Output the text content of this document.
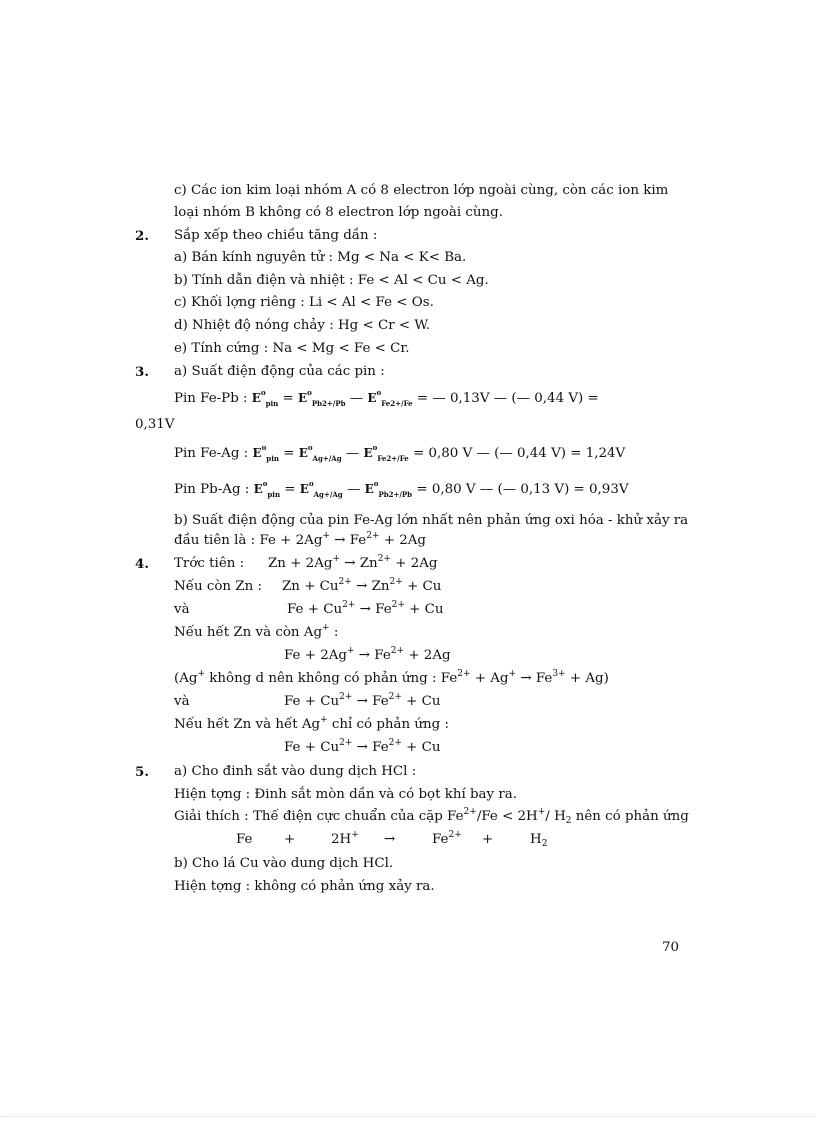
c) Các ion kim loại nhóm A có 8 electron lớp ngoài cùng, còn các ion kim
loại nhóm B không có 8 electron lớp ngoài cùng.
2. Sắp xếp theo chiều tăng dần :
a) Bán kính nguyên tử : Mg < Na < K< Ba.
b) Tính dẫn điện và nhiệt : Fe < Al < Cu < Ag.
c) Khối lợng riêng : Li < Al < Fe < Os.
d) Nhiệt độ nóng chảy : Hg < Cr < W.
e) Tính cứng : Na < Mg < Fe < Cr.
3. a) Suất điện động của các pin :
Pin Fe-Pb : $E^o_{pin} = E^o_{Pb2+/Pb}$ — $E^o_{Fe2+/Fe}$ = — 0,13V — (— 0,44 V) =
0,31V
Pin Fe-Ag : $E^o_{pin} = E^o_{Ag+/Ag}$ — $E^o_{Fe2+/Fe} = 0,80$ V — (— 0,44 V) = 1,24V
Pin Pb-Ag : $E^o_{pin} = E^o_{Ag+/Ag}$ — $E^o_{Pb2+/Pb} = 0,80$ V — (— 0,13 V) = 0,93V
b) Suất điện động của pin Fe-Ag lớn nhất nên phản ứng oxi hóa - khử xảy ra
đầu tiên là : $Fe + 2Ag^+ \to Fe^{2+} + 2Ag$
4. Trớc tiên : $Zn + 2Ag^+ \to Zn^{2+} + 2Ag$
Nếu còn Zn : $Zn + Cu^{2+} \to Zn^{2+} + Cu$
và	$Fe + Cu^{2+} \to Fe^{2+} + Cu$
Nếu hết Zn và còn Ag+ :
$Fe + 2Ag^+ \to Fe^{2+} + 2Ag$
(Ag+ không d nên không có phản ứng : $Fe^{2+} + Ag^+ \to Fe^{3+} + Ag$)
và	$Fe + Cu^{2+} \to Fe^{2+} + Cu$
Nếu hết Zn và hết Ag+ chỉ có phản ứng :
$Fe + Cu^{2+} \to Fe^{2+} + Cu$
5. a) Cho đinh sắt vào dung dịch HCl :
Hiện tợng : Đinh sắt mòn dần và có bọt khí bay ra.
Giải thích : Thế điện cực chuẩn của cặp $Fe^{2+}/Fe < 2H^+/$ $H_2$ nên có phản ứng
Fe +	2H+ →	$Fe^{2+}$ +	$H_2$
b) Cho lá Cu vào dung dịch HCl.
Hiện tợng : không có phản ứng xảy ra.
70
